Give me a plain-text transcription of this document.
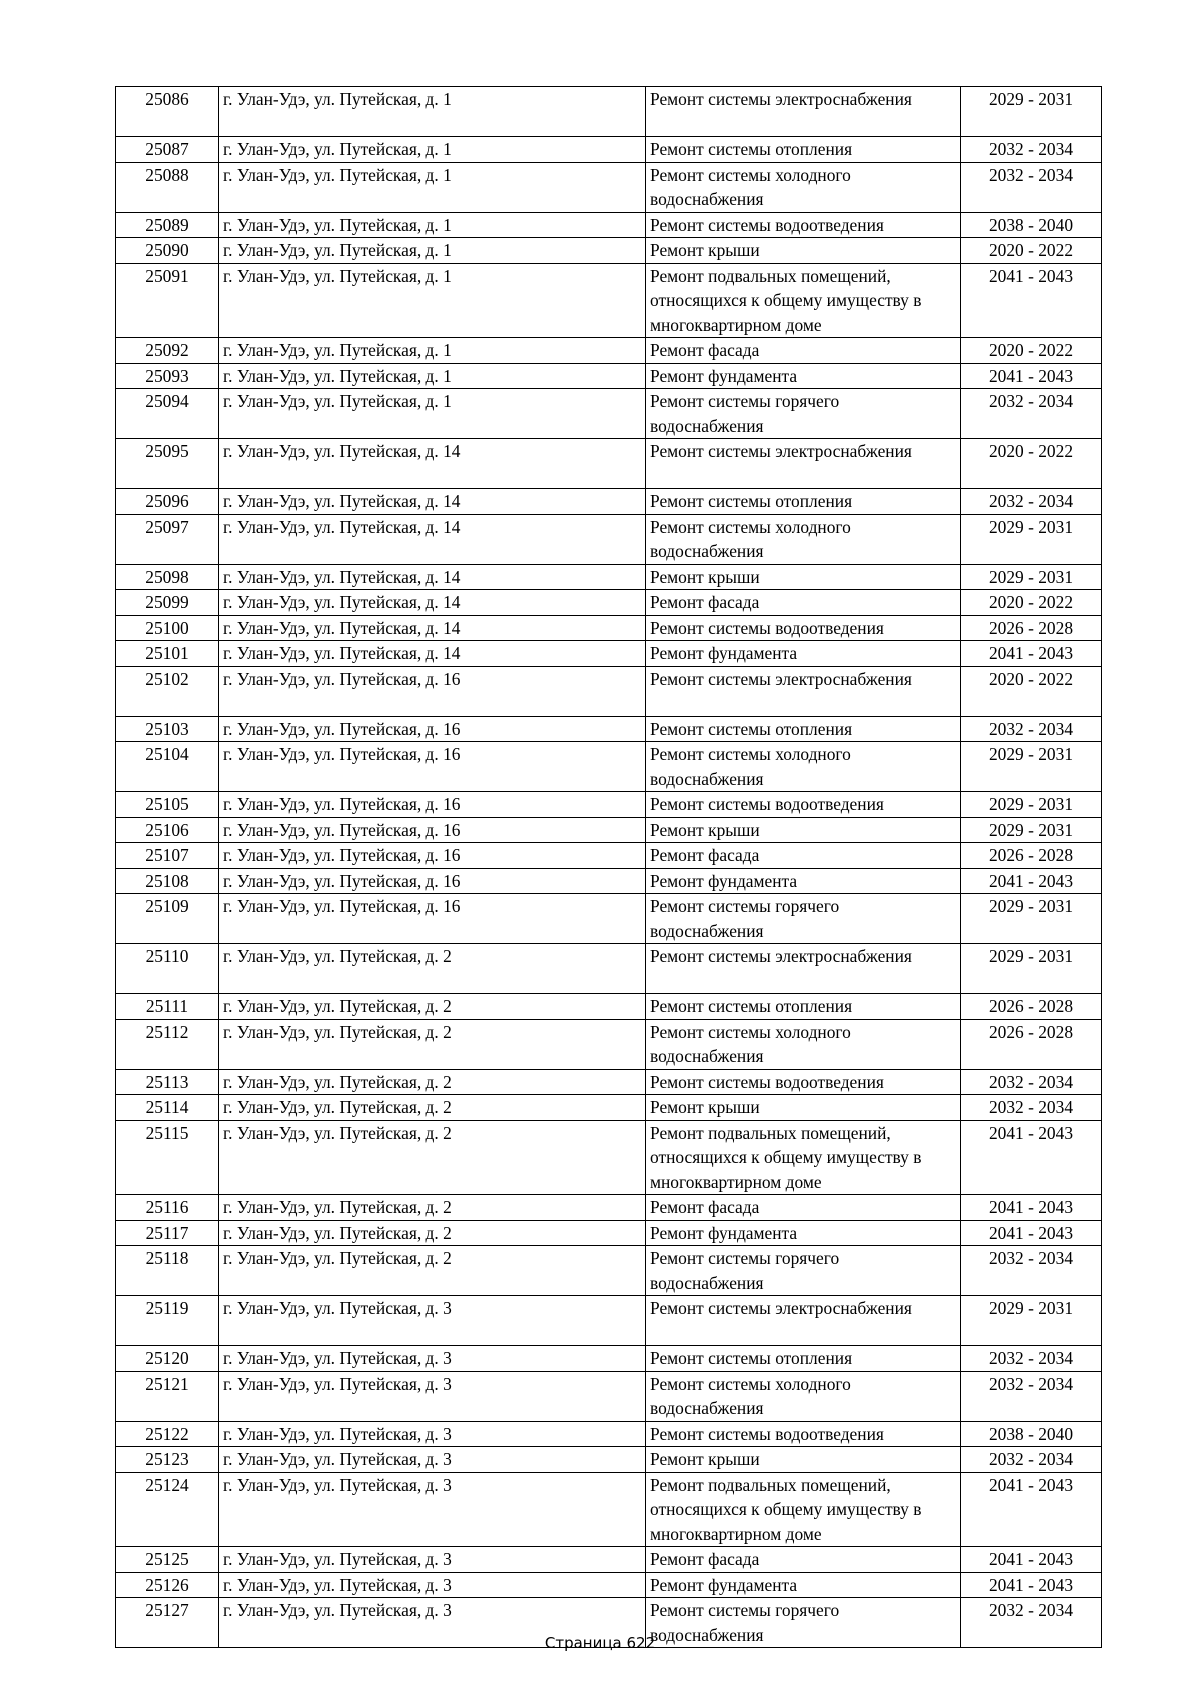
25086	г. Улан-Удэ, ул. Путейская, д. 1	Ремонт системы электроснабжения	2029 - 2031
25087	г. Улан-Удэ, ул. Путейская, д. 1	Ремонт системы отопления	2032 - 2034
25088	г. Улан-Удэ, ул. Путейская, д. 1	Ремонт системы холодного водоснабжения	2032 - 2034
25089	г. Улан-Удэ, ул. Путейская, д. 1	Ремонт системы водоотведения	2038 - 2040
25090	г. Улан-Удэ, ул. Путейская, д. 1	Ремонт крыши	2020 - 2022
25091	г. Улан-Удэ, ул. Путейская, д. 1	Ремонт подвальных помещений, относящихся к общему имуществу в многоквартирном доме	2041 - 2043
25092	г. Улан-Удэ, ул. Путейская, д. 1	Ремонт фасада	2020 - 2022
25093	г. Улан-Удэ, ул. Путейская, д. 1	Ремонт фундамента	2041 - 2043
25094	г. Улан-Удэ, ул. Путейская, д. 1	Ремонт системы горячего водоснабжения	2032 - 2034
25095	г. Улан-Удэ, ул. Путейская, д. 14	Ремонт системы электроснабжения	2020 - 2022
25096	г. Улан-Удэ, ул. Путейская, д. 14	Ремонт системы отопления	2032 - 2034
25097	г. Улан-Удэ, ул. Путейская, д. 14	Ремонт системы холодного водоснабжения	2029 - 2031
25098	г. Улан-Удэ, ул. Путейская, д. 14	Ремонт крыши	2029 - 2031
25099	г. Улан-Удэ, ул. Путейская, д. 14	Ремонт фасада	2020 - 2022
25100	г. Улан-Удэ, ул. Путейская, д. 14	Ремонт системы водоотведения	2026 - 2028
25101	г. Улан-Удэ, ул. Путейская, д. 14	Ремонт фундамента	2041 - 2043
25102	г. Улан-Удэ, ул. Путейская, д. 16	Ремонт системы электроснабжения	2020 - 2022
25103	г. Улан-Удэ, ул. Путейская, д. 16	Ремонт системы отопления	2032 - 2034
25104	г. Улан-Удэ, ул. Путейская, д. 16	Ремонт системы холодного водоснабжения	2029 - 2031
25105	г. Улан-Удэ, ул. Путейская, д. 16	Ремонт системы водоотведения	2029 - 2031
25106	г. Улан-Удэ, ул. Путейская, д. 16	Ремонт крыши	2029 - 2031
25107	г. Улан-Удэ, ул. Путейская, д. 16	Ремонт фасада	2026 - 2028
25108	г. Улан-Удэ, ул. Путейская, д. 16	Ремонт фундамента	2041 - 2043
25109	г. Улан-Удэ, ул. Путейская, д. 16	Ремонт системы горячего водоснабжения	2029 - 2031
25110	г. Улан-Удэ, ул. Путейская, д. 2	Ремонт системы электроснабжения	2029 - 2031
25111	г. Улан-Удэ, ул. Путейская, д. 2	Ремонт системы отопления	2026 - 2028
25112	г. Улан-Удэ, ул. Путейская, д. 2	Ремонт системы холодного водоснабжения	2026 - 2028
25113	г. Улан-Удэ, ул. Путейская, д. 2	Ремонт системы водоотведения	2032 - 2034
25114	г. Улан-Удэ, ул. Путейская, д. 2	Ремонт крыши	2032 - 2034
25115	г. Улан-Удэ, ул. Путейская, д. 2	Ремонт подвальных помещений, относящихся к общему имуществу в многоквартирном доме	2041 - 2043
25116	г. Улан-Удэ, ул. Путейская, д. 2	Ремонт фасада	2041 - 2043
25117	г. Улан-Удэ, ул. Путейская, д. 2	Ремонт фундамента	2041 - 2043
25118	г. Улан-Удэ, ул. Путейская, д. 2	Ремонт системы горячего водоснабжения	2032 - 2034
25119	г. Улан-Удэ, ул. Путейская, д. 3	Ремонт системы электроснабжения	2029 - 2031
25120	г. Улан-Удэ, ул. Путейская, д. 3	Ремонт системы отопления	2032 - 2034
25121	г. Улан-Удэ, ул. Путейская, д. 3	Ремонт системы холодного водоснабжения	2032 - 2034
25122	г. Улан-Удэ, ул. Путейская, д. 3	Ремонт системы водоотведения	2038 - 2040
25123	г. Улан-Удэ, ул. Путейская, д. 3	Ремонт крыши	2032 - 2034
25124	г. Улан-Удэ, ул. Путейская, д. 3	Ремонт подвальных помещений, относящихся к общему имуществу в многоквартирном доме	2041 - 2043
25125	г. Улан-Удэ, ул. Путейская, д. 3	Ремонт фасада	2041 - 2043
25126	г. Улан-Удэ, ул. Путейская, д. 3	Ремонт фундамента	2041 - 2043
25127	г. Улан-Удэ, ул. Путейская, д. 3	Ремонт системы горячего водоснабжения	2032 - 2034
Страница 622
